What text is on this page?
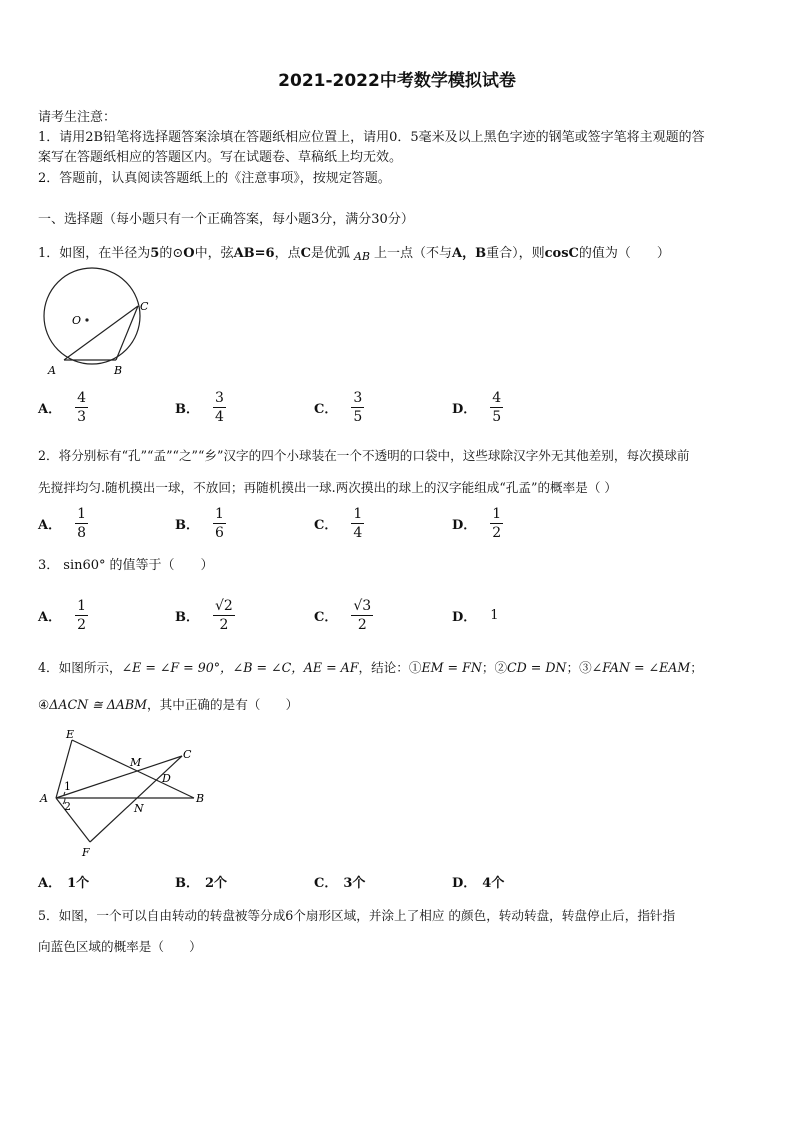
2021-2022中考数学模拟试卷
请考生注意：
1．请用2B铅笔将选择题答案涂填在答题纸相应位置上，请用0．5毫米及以上黑色字迹的钢笔或签字笔将主观题的答
案写在答题纸相应的答题区内。写在试题卷、草稿纸上均无效。
2．答题前，认真阅读答题纸上的《注意事项》，按规定答题。
一、选择题（每小题只有一个正确答案，每小题3分，满分30分）
1．如图，在半径为5的⊙O中，弦AB=6，点C是优弧 $_{AB}$ 上一点（不与A，B重合），则cosC的值为（　　）
O
C
A	B
A． $\frac{4}{3}$	B． $\frac{3}{4}$	C． $\frac{3}{5}$	D． $\frac{4}{5}$
2．将分别标有“孔”“孟”“之”“乡”汉字的四个小球装在一个不透明的口袋中，这些球除汉字外无其他差别，每次摸球前
先搅拌均匀.随机摸出一球，不放回；再随机摸出一球.两次摸出的球上的汉字能组成“孔孟”的概率是（ ）
A． $\frac{1}{8}$	B． $\frac{1}{6}$	C． $\frac{1}{4}$	D． $\frac{1}{2}$
3． sin60° 的值等于（　　）
A． $\frac{1}{2}$	B． $\frac{√2}{2}$	C． $\frac{√3}{2}$	D． 1
4．如图所示，∠E = ∠F = 90°，∠B = ∠C，AE = AF，结论：①EM = FN；②CD = DN；③∠FAN = ∠EAM；
④ΔACN ≅ ΔABM，其中正确的是有（　　）
E
M
C
D
A
1
2	N
B
F
A． 1个	B． 2个	C． 3个	D． 4个
5．如图，一个可以自由转动的转盘被等分成6个扇形区域，并涂上了相应 的颜色，转动转盘，转盘停止后，指针指
向蓝色区域的概率是（　　）
